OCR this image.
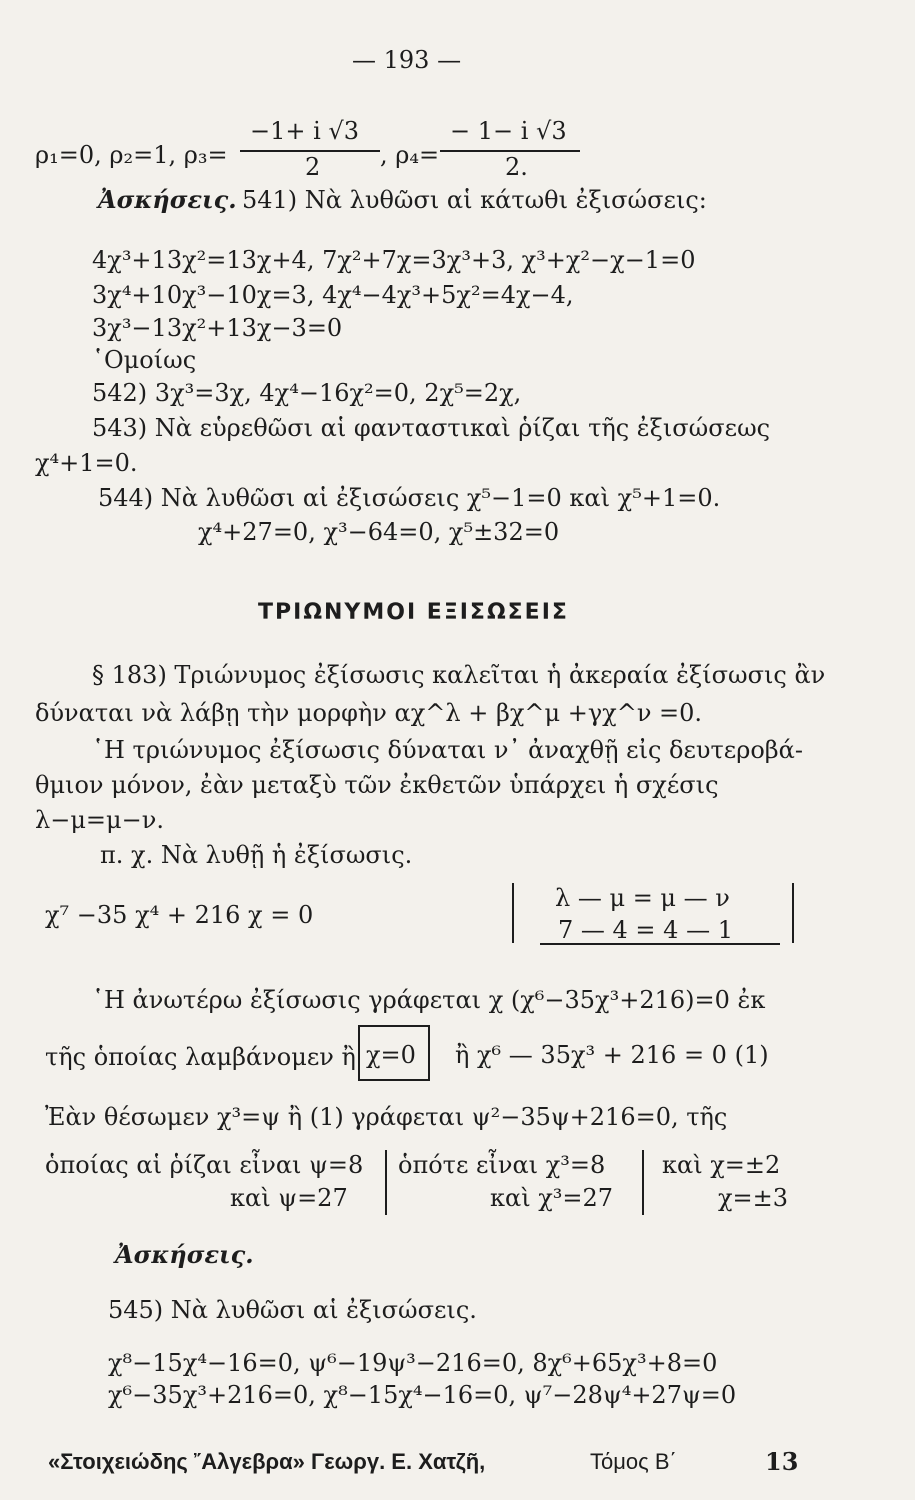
— 193 —
ρ₁=0, ρ₂=1, ρ₃=
−1+ i √3
2 , ρ₄=
− 1− i √3
2.
Ἀσκήσεις. 541) Νὰ λυθῶσι αἱ κάτωθι ἐξισώσεις:
4χ³+13χ²=13χ+4, 7χ²+7χ=3χ³+3, χ³+χ²−χ−1=0
3χ⁴+10χ³−10χ=3, 4χ⁴−4χ³+5χ²=4χ−4,
3χ³−13χ²+13χ−3=0
῾Ομοίως
542) 3χ³=3χ, 4χ⁴−16χ²=0, 2χ⁵=2χ,
543) Νὰ εὑρεθῶσι αἱ φανταστικαὶ ῥίζαι τῆς ἐξισώσεως
χ⁴+1=0.
544) Νὰ λυθῶσι αἱ ἐξισώσεις χ⁵−1=0 καὶ χ⁵+1=0.
χ⁴+27=0, χ³−64=0, χ⁵±32=0
ΤΡΙΩΝΥΜΟΙ ΕΞΙΣΩΣΕΙΣ
§ 183) Τριώνυμος ἐξίσωσις καλεῖται ἡ ἀκεραία ἐξίσωσις ἂν
δύναται νὰ λάβῃ τὴν μορφὴν αχ^λ + βχ^μ +γχ^ν =0.
῾Η τριώνυμος ἐξίσωσις δύναται ν᾽ ἀναχθῇ εἰς δευτεροβά-
θμιον μόνον, ἐὰν μεταξὺ τῶν ἐκθετῶν ὑπάρχει ἡ σχέσις
λ−μ=μ−ν.
π. χ. Νὰ λυθῇ ἡ ἐξίσωσις.
χ⁷ −35 χ⁴ + 216 χ = 0
λ — μ = μ — ν
7 — 4 = 4 — 1
῾Η ἀνωτέρω ἐξίσωσις γράφεται χ (χ⁶−35χ³+216)=0 ἐκ
τῆς ὁποίας λαμβάνομεν ἢ χ=0 ἢ χ⁶ — 35χ³ + 216 = 0 (1)
Ἐὰν θέσωμεν χ³=ψ ἢ (1) γράφεται ψ²−35ψ+216=0, τῆς
ὁποίας αἱ ῥίζαι εἶναι ψ=8
καὶ ψ=27
ὁπότε εἶναι χ³=8
καὶ χ³=27
καὶ χ=±2
χ=±3
Ἀσκήσεις.
545) Νὰ λυθῶσι αἱ ἐξισώσεις.
χ⁸−15χ⁴−16=0, ψ⁶−19ψ³−216=0, 8χ⁶+65χ³+8=0
χ⁶−35χ³+216=0, χ⁸−15χ⁴−16=0, ψ⁷−28ψ⁴+27ψ=0
«Στοιχειώδης ῎Αλγεβρα» Γεωργ. Ε. Χατζῆ,	Τόμος Β΄	13
